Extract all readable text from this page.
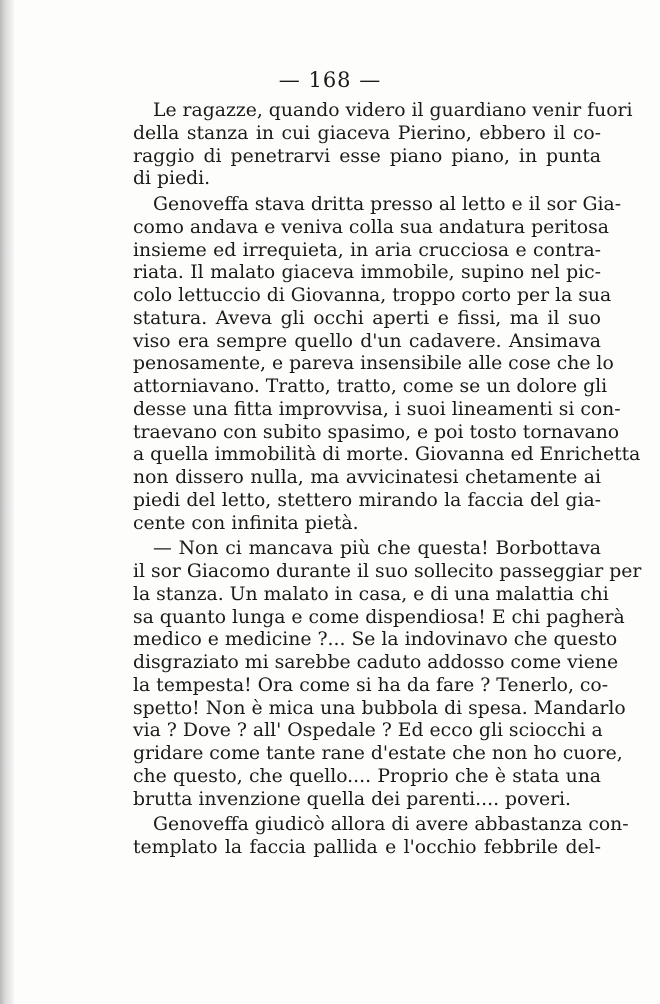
— 168 —
Le ragazze, quando videro il guardiano venir fuori
della stanza in cui giaceva Pierino, ebbero il co-
raggio di penetrarvi esse piano piano, in punta
di piedi.
Genoveffa stava dritta presso al letto e il sor Gia-
como andava e veniva colla sua andatura peritosa
insieme ed irrequieta, in aria crucciosa e contra-
riata. Il malato giaceva immobile, supino nel pic-
colo lettuccio di Giovanna, troppo corto per la sua
statura. Aveva gli occhi aperti e fissi, ma il suo
viso era sempre quello d'un cadavere. Ansimava
penosamente, e pareva insensibile alle cose che lo
attorniavano. Tratto, tratto, come se un dolore gli
desse una fitta improvvisa, i suoi lineamenti si con-
traevano con subito spasimo, e poi tosto tornavano
a quella immobilità di morte. Giovanna ed Enrichetta
non dissero nulla, ma avvicinatesi chetamente ai
piedi del letto, stettero mirando la faccia del gia-
cente con infinita pietà.
— Non ci mancava più che questa! Borbottava
il sor Giacomo durante il suo sollecito passeggiar per
la stanza. Un malato in casa, e di una malattia chi
sa quanto lunga e come dispendiosa! E chi pagherà
medico e medicine ?... Se la indovinavo che questo
disgraziato mi sarebbe caduto addosso come viene
la tempesta! Ora come si ha da fare ? Tenerlo, co-
spetto! Non è mica una bubbola di spesa. Mandarlo
via ? Dove ? all' Ospedale ? Ed ecco gli sciocchi a
gridare come tante rane d'estate che non ho cuore,
che questo, che quello.... Proprio che è stata una
brutta invenzione quella dei parenti.... poveri.
Genoveffa giudicò allora di avere abbastanza con-
templato la faccia pallida e l'occhio febbrile del-
